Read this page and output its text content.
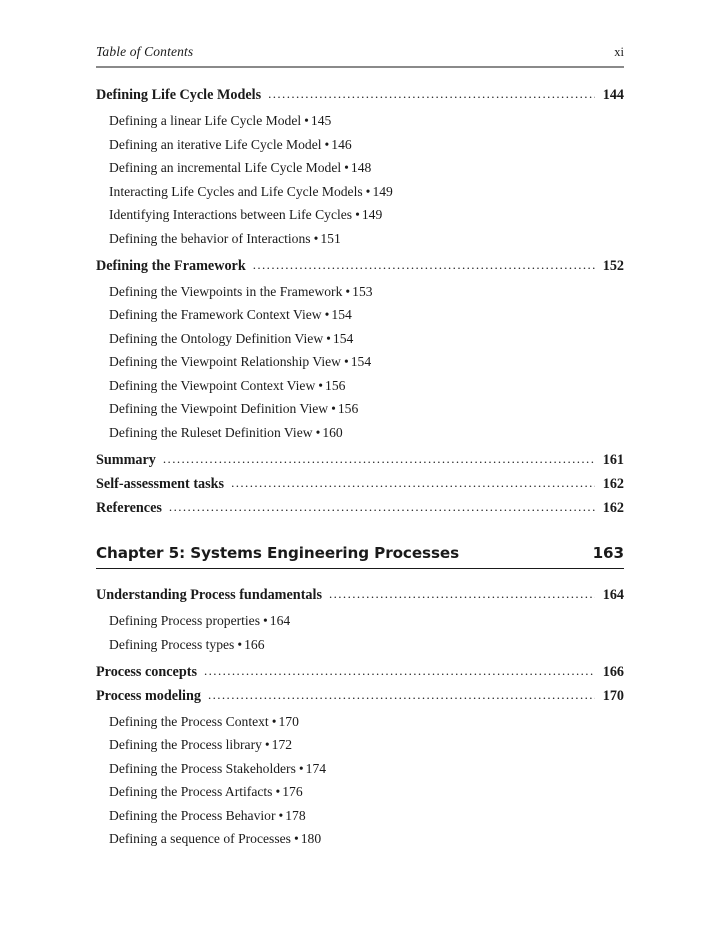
Table of Contents	xi
Defining Life Cycle Models .....	144
Defining a linear Life Cycle Model • 145
Defining an iterative Life Cycle Model • 146
Defining an incremental Life Cycle Model • 148
Interacting Life Cycles and Life Cycle Models • 149
Identifying Interactions between Life Cycles • 149
Defining the behavior of Interactions • 151
Defining the Framework .....	152
Defining the Viewpoints in the Framework • 153
Defining the Framework Context View • 154
Defining the Ontology Definition View • 154
Defining the Viewpoint Relationship View • 154
Defining the Viewpoint Context View • 156
Defining the Viewpoint Definition View • 156
Defining the Ruleset Definition View • 160
Summary .....	161
Self-assessment tasks .....	162
References .....	162
Chapter 5: Systems Engineering Processes	163
Understanding Process fundamentals .....	164
Defining Process properties • 164
Defining Process types • 166
Process concepts .....	166
Process modeling .....	170
Defining the Process Context • 170
Defining the Process library • 172
Defining the Process Stakeholders • 174
Defining the Process Artifacts • 176
Defining the Process Behavior • 178
Defining a sequence of Processes • 180
